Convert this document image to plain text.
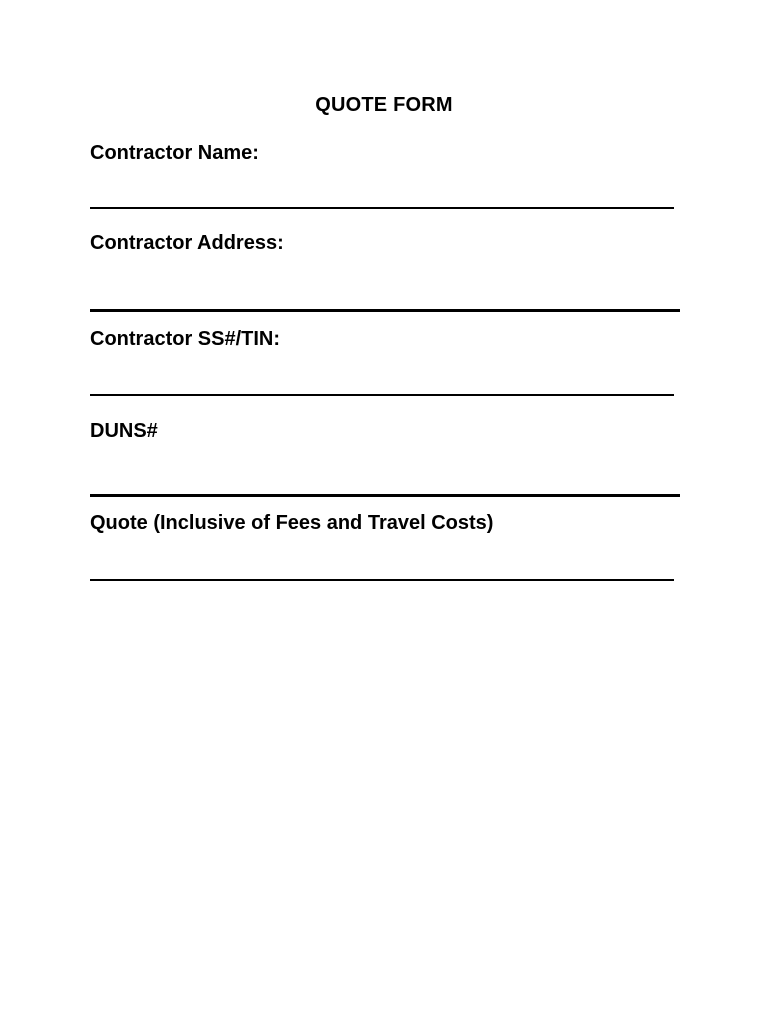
QUOTE FORM
Contractor Name:
Contractor Address:
Contractor SS#/TIN:
DUNS#
Quote (Inclusive of Fees and Travel Costs)
